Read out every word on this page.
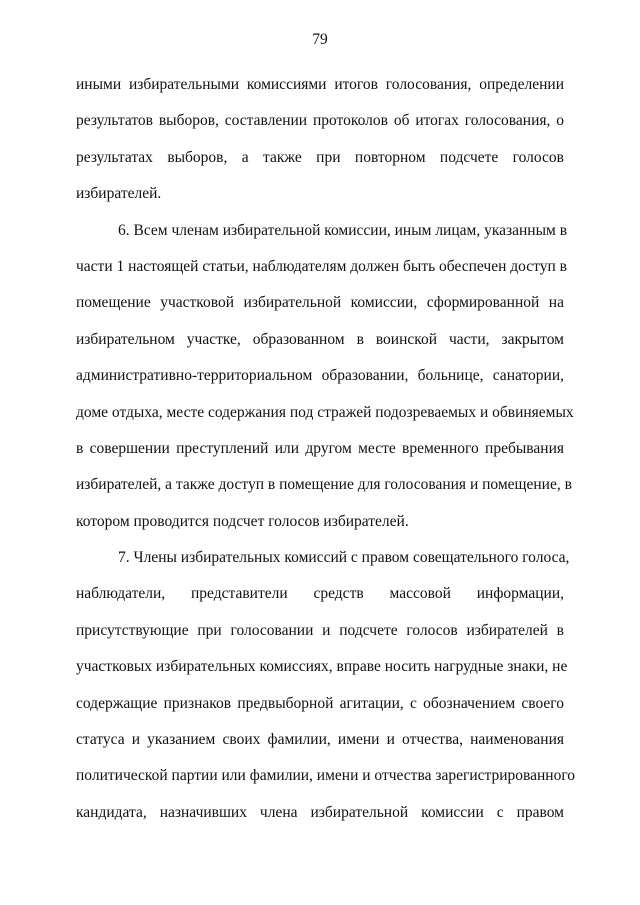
79
иными избирательными комиссиями итогов голосования, определении
результатов выборов, составлении протоколов об итогах голосования, о
результатах выборов, а также при повторном подсчете голосов
избирателей.
6. Всем членам избирательной комиссии, иным лицам, указанным в
части 1 настоящей статьи, наблюдателям должен быть обеспечен доступ в
помещение участковой избирательной комиссии, сформированной на
избирательном участке, образованном в воинской части, закрытом
административно-территориальном образовании, больнице, санатории,
доме отдыха, месте содержания под стражей подозреваемых и обвиняемых
в совершении преступлений или другом месте временного пребывания
избирателей, а также доступ в помещение для голосования и помещение, в
котором проводится подсчет голосов избирателей.
7. Члены избирательных комиссий с правом совещательного голоса,
наблюдатели, представители средств массовой информации,
присутствующие при голосовании и подсчете голосов избирателей в
участковых избирательных комиссиях, вправе носить нагрудные знаки, не
содержащие признаков предвыборной агитации, с обозначением своего
статуса и указанием своих фамилии, имени и отчества, наименования
политической партии или фамилии, имени и отчества зарегистрированного
кандидата, назначивших члена избирательной комиссии с правом
